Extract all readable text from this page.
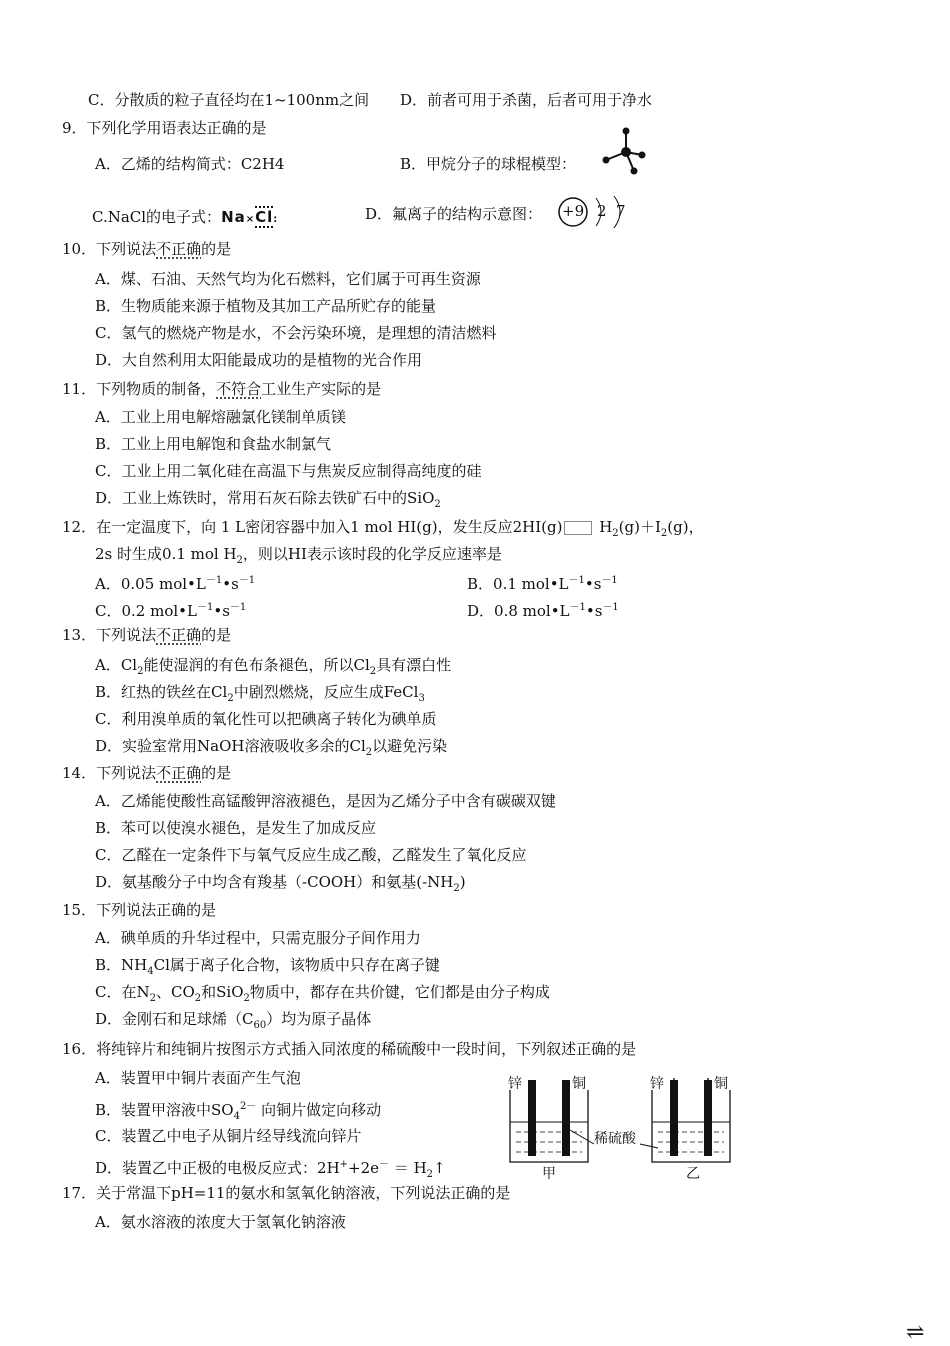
C．分散质的粒子直径均在1~100nm之间 D．前者可用于杀菌，后者可用于净水
9．下列化学用语表达正确的是
A．乙烯的结构简式：C2H4	B．甲烷分子的球棍模型：
C.NaCl的电子式：Na×Cl:	D．氟离子的结构示意图： +9 2 7
10．下列说法不正确的是
A．煤、石油、天然气均为化石燃料，它们属于可再生资源
B．生物质能来源于植物及其加工产品所贮存的能量
C．氢气的燃烧产物是水，不会污染环境，是理想的清洁燃料
D．大自然利用太阳能最成功的是植物的光合作用
11．下列物质的制备，不符合工业生产实际的是
A．工业上用电解熔融氯化镁制单质镁
B．工业上用电解饱和食盐水制氯气
C．工业上用二氧化硅在高温下与焦炭反应制得高纯度的硅
D．工业上炼铁时，常用石灰石除去铁矿石中的SiO$_2$
12．在一定温度下，向 1 L密闭容器中加入1 mol HI(g)，发生反应2HI(g) $H_2(g)+I_2(g)$，
2s 时生成0.1 mol $H_2$，则以HI表示该时段的化学反应速率是
A．0.05 $mol•L^{-1}•s^{-1}$	B．0.1 $mol•L^{-1}•s^{-1}$
C．0.2 $mol•L^{-1}•s^{-1}$	D．0.8 $mol•L^{-1}•s^{-1}$
13．下列说法不正确的是
A．$Cl_2$能使湿润的有色布条褪色，所以$Cl_2$具有漂白性
B．红热的铁丝在$Cl_2$中剧烈燃烧，反应生成FeCl$_3$
C．利用溴单质的氧化性可以把碘离子转化为碘单质
D．实验室常用NaOH溶液吸收多余的$Cl_2$以避免污染
14．下列说法不正确的是
A．乙烯能使酸性高锰酸钾溶液褪色，是因为乙烯分子中含有碳碳双键
B．苯可以使溴水褪色，是发生了加成反应
C．乙醛在一定条件下与氧气反应生成乙酸，乙醛发生了氧化反应
D．氨基酸分子中均含有羧基（-COOH）和氨基$(-NH_2)$
15．下列说法正确的是
A．碘单质的升华过程中，只需克服分子间作用力
B．$NH_4Cl$属于离子化合物，该物质中只存在离子键
C．在$N_2$、$CO_2$和SiO$_2$物质中，都存在共价键，它们都是由分子构成
D．金刚石和足球烯$(C_{60})$均为原子晶体
16．将纯锌片和纯铜片按图示方式插入同浓度的稀硫酸中一段时间，下列叙述正确的是
A．装置甲中铜片表面产生气泡
B．装置甲溶液中$SO_4^{2-}$ 向铜片做定向移动
C．装置乙中电子从铜片经导线流向锌片
D．装置乙中正极的电极反应式：$2H^++2e^- = H_2↑$
锌	铜	锌	铜
稀硫酸
甲	乙
17．关于常温下pH=11的氨水和氢氧化钠溶液，下列说法正确的是
A．氨水溶液的浓度大于氢氧化钠溶液
⇌
